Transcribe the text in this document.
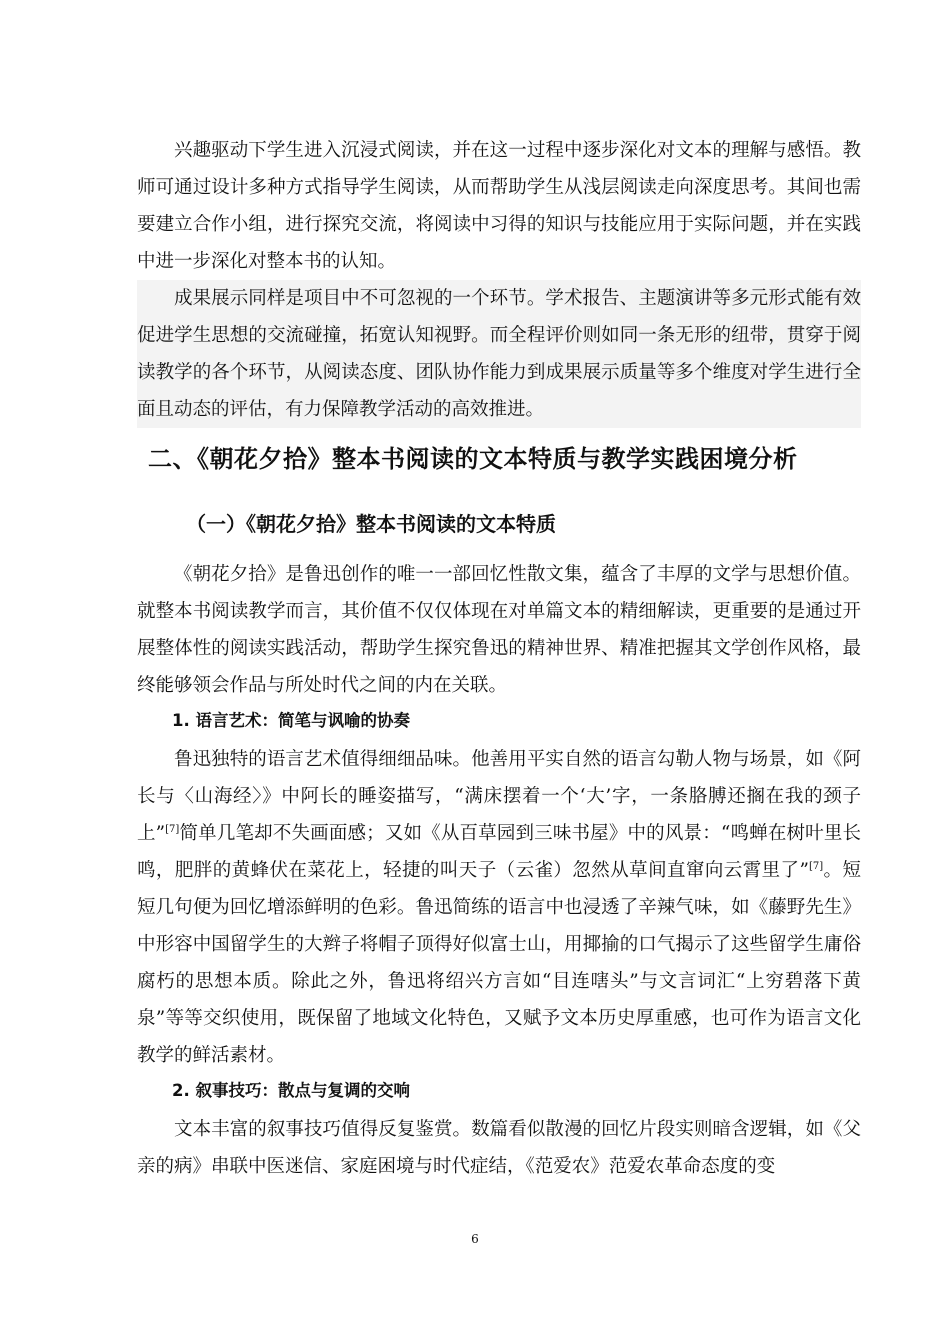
兴趣驱动下学生进入沉浸式阅读，并在这一过程中逐步深化对文本的理解与感悟。教师可通过设计多种方式指导学生阅读，从而帮助学生从浅层阅读走向深度思考。其间也需要建立合作小组，进行探究交流，将阅读中习得的知识与技能应用于实际问题，并在实践中进一步深化对整本书的认知。

成果展示同样是项目中不可忽视的一个环节。学术报告、主题演讲等多元形式能有效促进学生思想的交流碰撞，拓宽认知视野。而全程评价则如同一条无形的纽带，贯穿于阅读教学的各个环节，从阅读态度、团队协作能力到成果展示质量等多个维度对学生进行全面且动态的评估，有力保障教学活动的高效推进。

二、《朝花夕拾》整本书阅读的文本特质与教学实践困境分析
（一）《朝花夕拾》整本书阅读的文本特质

《朝花夕拾》是鲁迅创作的唯一一部回忆性散文集，蕴含了丰厚的文学与思想价值。就整本书阅读教学而言，其价值不仅仅体现在对单篇文本的精细解读，更重要的是通过开展整体性的阅读实践活动，帮助学生探究鲁迅的精神世界、精准把握其文学创作风格，最终能够领会作品与所处时代之间的内在关联。

1. 语言艺术：简笔与讽喻的协奏

鲁迅独特的语言艺术值得细细品味。他善用平实自然的语言勾勒人物与场景，如《阿长与〈山海经〉》中阿长的睡姿描写，“满床摆着一个‘大’字，一条胳膊还搁在我的颈子上”[7]简单几笔却不失画面感；又如《从百草园到三味书屋》中的风景：“鸣蝉在树叶里长鸣，肥胖的黄蜂伏在菜花上，轻捷的叫天子（云雀）忽然从草间直窜向云霄里了”[7]。短短几句便为回忆增添鲜明的色彩。鲁迅简练的语言中也浸透了辛辣气味，如《藤野先生》中形容中国留学生的大辫子将帽子顶得好似富士山，用揶揄的口气揭示了这些留学生庸俗腐朽的思想本质。除此之外，鲁迅将绍兴方言如“目连嗐头”与文言词汇“上穷碧落下黄泉”等等交织使用，既保留了地域文化特色，又赋予文本历史厚重感，也可作为语言文化教学的鲜活素材。

2. 叙事技巧：散点与复调的交响

文本丰富的叙事技巧值得反复鉴赏。数篇看似散漫的回忆片段实则暗含逻辑，如《父亲的病》串联中医迷信、家庭困境与时代症结，《范爱农》范爱农革命态度的变

6
